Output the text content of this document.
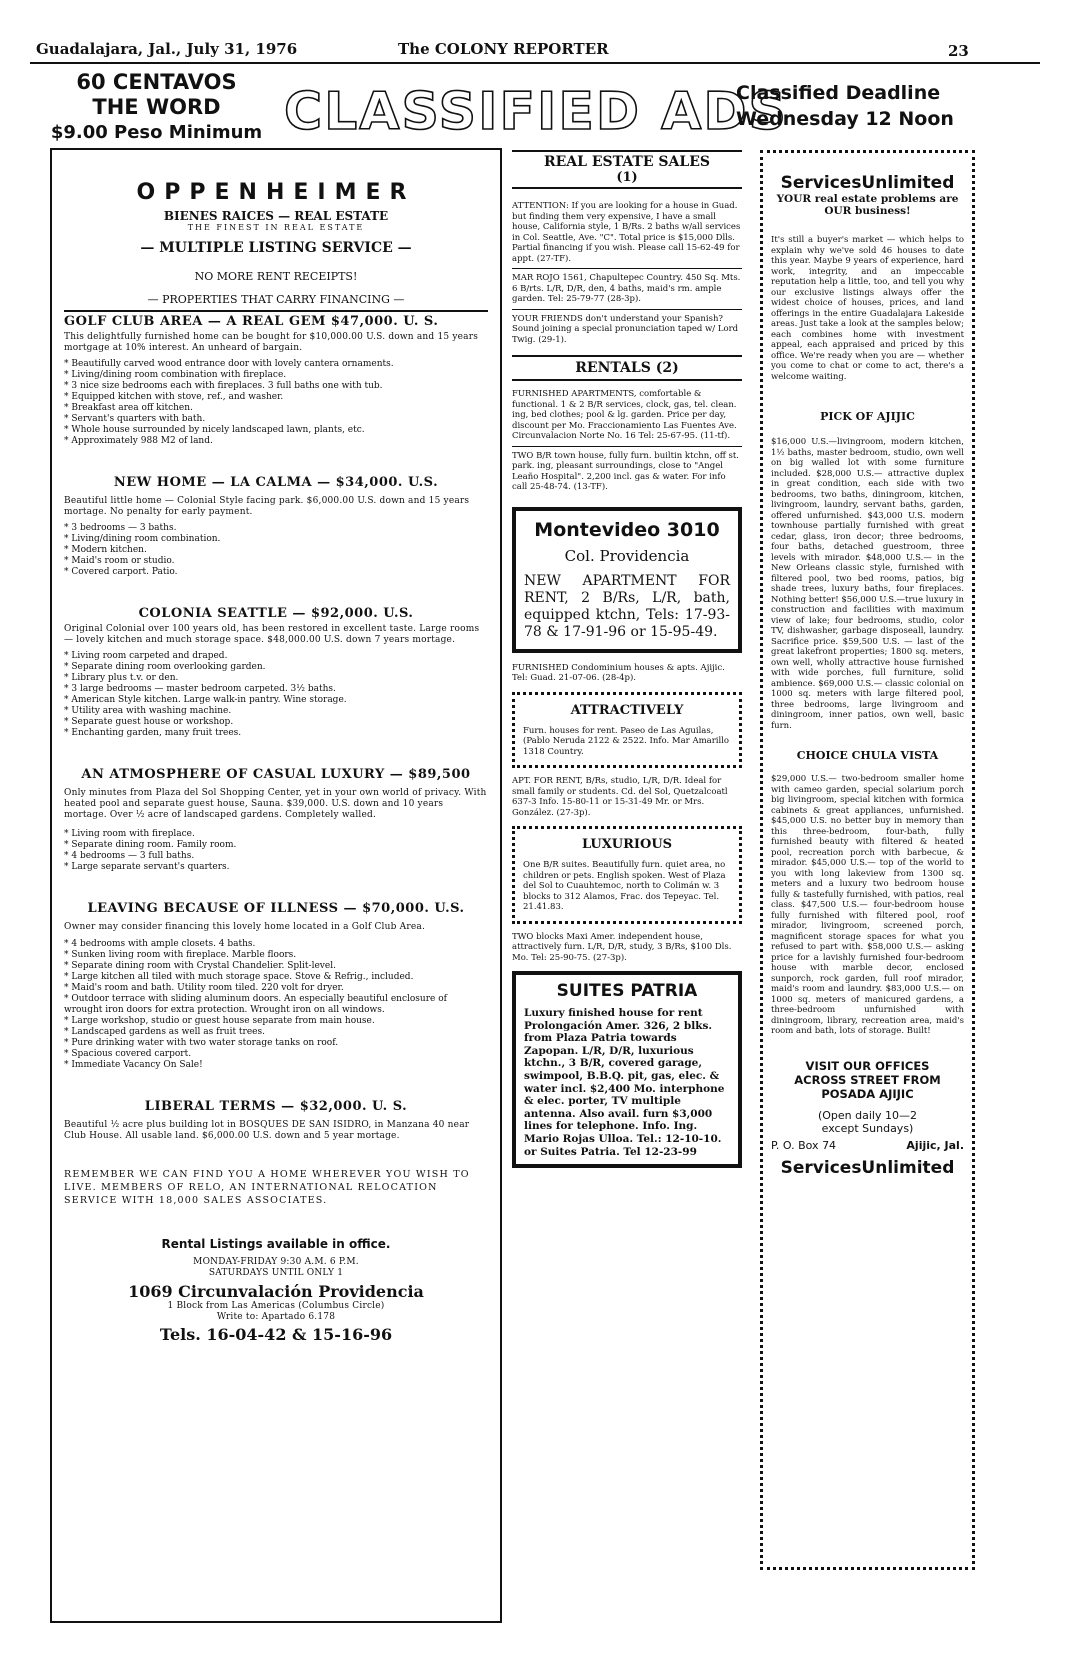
Guadalajara, Jal., July 31, 1976	The COLONY REPORTER	23
60 CENTAVOS
THE WORD
$9.00 Peso Minimum CLASSIFIED ADS
Classified Deadline
Wednesday 12 Noon
OPPENHEIMER
BIENES RAICES — REAL ESTATE
THE FINEST IN REAL ESTATE
— MULTIPLE LISTING SERVICE —
NO MORE RENT RECEIPTS!
— PROPERTIES THAT CARRY FINANCING —
GOLF CLUB AREA — A REAL GEM $47,000. U. S.
This delightfully furnished home can be bought for $10,000.00 U.S. down and 15 years mortgage at 10% interest. An unheard of bargain.
* Beautifully carved wood entrance door with lovely cantera ornaments.
* Living/dining room combination with fireplace.
* 3 nice size bedrooms each with fireplaces. 3 full baths one with tub.
* Equipped kitchen with stove, ref., and washer.
* Breakfast area off kitchen.
* Servant's quarters with bath.
* Whole house surrounded by nicely landscaped lawn, plants, etc.
* Approximately 988 M2 of land.
NEW HOME — LA CALMA — $34,000. U.S.
Beautiful little home — Colonial Style facing park. $6,000.00 U.S. down and 15 years mortage. No penalty for early payment.
* 3 bedrooms — 3 baths.
* Living/dining room combination.
* Modern kitchen.
* Maid's room or studio.
* Covered carport. Patio.
COLONIA SEATTLE — $92,000. U.S.
Original Colonial over 100 years old, has been restored in excellent taste. Large rooms — lovely kitchen and much storage space. $48,000.00 U.S. down 7 years mortage.
* Living room carpeted and draped.
* Separate dining room overlooking garden.
* Library plus t.v. or den.
* 3 large bedrooms — master bedroom carpeted. 3½ baths.
* American Style kitchen. Large walk-in pantry. Wine storage.
* Utility area with washing machine.
* Separate guest house or workshop.
* Enchanting garden, many fruit trees.
AN ATMOSPHERE OF CASUAL LUXURY — $89,500
Only minutes from Plaza del Sol Shopping Center, yet in your own world of privacy. With heated pool and separate guest house, Sauna. $39,000. U.S. down and 10 years mortage. Over ½ acre of landscaped gardens. Completely walled.
* Living room with fireplace.
* Separate dining room. Family room.
* 4 bedrooms — 3 full baths.
* Large separate servant's quarters.
LEAVING BECAUSE OF ILLNESS — $70,000. U.S.
Owner may consider financing this lovely home located in a Golf Club Area.
* 4 bedrooms with ample closets. 4 baths.
* Sunken living room with fireplace. Marble floors.
* Separate dining room with Crystal Chandelier. Split-level.
* Large kitchen all tiled with much storage space. Stove & Refrig., included.
* Maid's room and bath. Utility room tiled. 220 volt for dryer.
* Outdoor terrace with sliding aluminum doors. An especially beautiful enclosure of wrought iron doors for extra protection. Wrought iron on all windows.
* Large workshop, studio or guest house separate from main house.
* Landscaped gardens as well as fruit trees.
* Pure drinking water with two water storage tanks on roof.
* Spacious covered carport.
* Immediate Vacancy On Sale!
LIBERAL TERMS — $32,000. U. S.
Beautiful ½ acre plus building lot in BOSQUES DE SAN ISIDRO, in Manzana 40 near Club House. All usable land. $6,000.00 U.S. down and 5 year mortage.
REMEMBER WE CAN FIND YOU A HOME WHEREVER YOU WISH TO LIVE. MEMBERS OF RELO, AN INTERNATIONAL RELOCATION SERVICE WITH 18,000 SALES ASSOCIATES.
Rental Listings available in office.
MONDAY-FRIDAY 9:30 A.M. 6 P.M.
SATURDAYS UNTIL ONLY 1
1069 Circunvalación Providencia
1 Block from Las Americas (Columbus Circle)
Write to: Apartado 6.178
Tels. 16-04-42 & 15-16-96
REAL ESTATE SALES
(1)
ATTENTION: If you are looking for a house in Guad. but finding them very expensive, I have a small house, California style, 1 B/Rs. 2 baths w/all services in Col. Seattle, Ave. "C". Total price is $15,000 Dlls. Partial financing if you wish. Please call 15-62-49 for appt. (27-TF).
MAR ROJO 1561, Chapultepec Country. 450 Sq. Mts. 6 B/rts. L/R, D/R, den, 4 baths, maid's rm. ample garden. Tel: 25-79-77 (28-3p).
YOUR FRIENDS don't understand your Spanish? Sound joining a special pronunciation taped w/ Lord Twig. (29-1).
RENTALS (2)
FURNISHED APARTMENTS, comfortable & functional. 1 & 2 B/R services, clock, gas, tel. clean. ing, bed clothes; pool & lg. garden. Price per day, discount per Mo. Fraccionamiento Las Fuentes Ave. Circunvalacion Norte No. 16 Tel: 25-67-95. (11-tf).
TWO B/R town house, fully furn. builtin ktchn, off st. park. ing, pleasant surroundings, close to "Angel Leaño Hospital". 2,200 incl. gas & water. For info call 25-48-74. (13-TF).
Montevideo 3010
Col. Providencia
NEW APARTMENT FOR RENT, 2 B/Rs, L/R, bath, equipped ktchn, Tels: 17-93-78 & 17-91-96 or 15-95-49.
FURNISHED Condominium houses & apts. Ajijic. Tel: Guad. 21-07-06. (28-4p).
ATTRACTIVELY
Furn. houses for rent. Paseo de Las Aguilas, (Pablo Neruda 2122 & 2522. Info. Mar Amarillo 1318 Country.
APT. FOR RENT, B/Rs, studio, L/R, D/R. Ideal for small family or students. Cd. del Sol, Quetzalcoatl 637-3 Info. 15-80-11 or 15-31-49 Mr. or Mrs. González. (27-3p).
LUXURIOUS
One B/R suites. Beautifully furn. quiet area, no children or pets. English spoken. West of Plaza del Sol to Cuauhtemoc, north to Colimán w. 3 blocks to 312 Alamos, Frac. dos Tepeyac. Tel. 21.41.83.
TWO blocks Maxi Amer. independent house, attractively furn. L/R, D/R, study, 3 B/Rs, $100 Dls. Mo. Tel: 25-90-75. (27-3p).
SUITES PATRIA
Luxury finished house for rent Prolongación Amer. 326, 2 blks. from Plaza Patria towards Zapopan. L/R, D/R, luxurious ktchn., 3 B/R, covered garage, swimpool, B.B.Q. pit, gas, elec. & water incl. $2,400 Mo. interphone & elec. porter, TV multiple antenna. Also avail. furn $3,000 lines for telephone. Info. Ing. Mario Rojas Ulloa. Tel.: 12-10-10. or Suites Patria. Tel 12-23-99
ServicesUnlimited
YOUR real estate problems are OUR business!
It's still a buyer's market — which helps to explain why we've sold 46 houses to date this year. Maybe 9 years of experience, hard work, integrity, and an impeccable reputation help a little, too, and tell you why our exclusive listings always offer the widest choice of houses, prices, and land offerings in the entire Guadalajara Lakeside areas. Just take a look at the samples below; each combines home with investment appeal, each appraised and priced by this office. We're ready when you are — whether you come to chat or come to act, there's a welcome waiting.
PICK OF AJIJIC
$16,000 U.S.—livingroom, modern kitchen, 1½ baths, master bedroom, studio, own well on big walled lot with some furniture included. $28,000 U.S.— attractive duplex in great condition, each side with two bedrooms, two baths, diningroom, kitchen, livingroom, laundry, servant baths, garden, offered unfurnished. $43,000 U.S. modern townhouse partially furnished with great cedar, glass, iron decor; three bedrooms, four baths, detached guestroom, three levels with mirador. $48,000 U.S.— in the New Orleans classic style, furnished with filtered pool, two bed rooms, patios, big shade trees, luxury baths, four fireplaces. Nothing better! $56,000 U.S.—true luxury in construction and facilities with maximum view of lake; four bedrooms, studio, color TV, dishwasher, garbage disposeall, laundry. Sacrifice price. $59,500 U.S. — last of the great lakefront properties; 1800 sq. meters, own well, wholly attractive house furnished with wide porches, full furniture, solid ambience. $69,000 U.S.— classic colonial on 1000 sq. meters with large filtered pool, three bedrooms, large livingroom and diningroom, inner patios, own well, basic furn.
CHOICE CHULA VISTA
$29,000 U.S.— two-bedroom smaller home with cameo garden, special solarium porch big livingroom, special kitchen with formica cabinets & great appliances, unfurnished. $45,000 U.S. no better buy in memory than this three-bedroom, four-bath, fully furnished beauty with filtered & heated pool, recreation porch with barbecue, & mirador. $45,000 U.S.— top of the world to you with long lakeview from 1300 sq. meters and a luxury two bedroom house fully & tastefully furnished, with patios, real class. $47,500 U.S.— four-bedroom house fully furnished with filtered pool, roof mirador, livingroom, screened porch, magnificent storage spaces for what you refused to part with. $58,000 U.S.— asking price for a lavishly furnished four-bedroom house with marble decor, enclosed sunporch, rock garden, full roof mirador, maid's room and laundry. $83,000 U.S.— on 1000 sq. meters of manicured gardens, a three-bedroom unfurnished with diningroom, library, recreation area, maid's room and bath, lots of storage. Built!
VISIT OUR OFFICES
ACROSS STREET FROM
POSADA AJIJIC
(Open daily 10—2
except Sundays)
P. O. Box 74	Ajijic, Jal.
ServicesUnlimited
